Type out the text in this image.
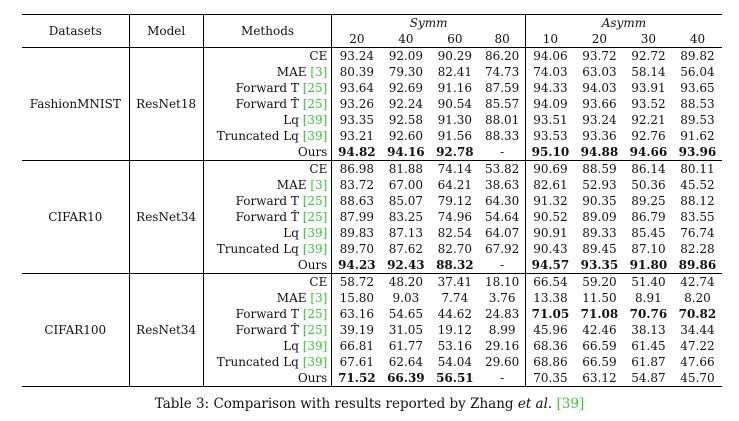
Datasets	Model	Methods	Symm				Asymm			
			20	40	60	80	10	20	30	40
FashionMNIST	ResNet18	CE	93.24	92.09	90.29	86.20	94.06	93.72	92.72	89.82
		MAE [3]	80.39	79.30	82.41	74.73	74.03	63.03	58.14	56.04
		Forward T [25]	93.64	92.69	91.16	87.59	94.33	94.03	93.91	93.65
		Forward T̂ [25]	93.26	92.24	90.54	85.57	94.09	93.66	93.52	88.53
		Lq [39]	93.35	92.58	91.30	88.01	93.51	93.24	92.21	89.53
		Truncated Lq [39]	93.21	92.60	91.56	88.33	93.53	93.36	92.76	91.62
		Ours	94.82	94.16	92.78	-	95.10	94.88	94.66	93.96
CIFAR10	ResNet34	CE	86.98	81.88	74.14	53.82	90.69	88.59	86.14	80.11
		MAE [3]	83.72	67.00	64.21	38.63	82.61	52.93	50.36	45.52
		Forward T [25]	88.63	85.07	79.12	64.30	91.32	90.35	89.25	88.12
		Forward T̂ [25]	87.99	83.25	74.96	54.64	90.52	89.09	86.79	83.55
		Lq [39]	89.83	87.13	82.54	64.07	90.91	89.33	85.45	76.74
		Truncated Lq [39]	89.70	87.62	82.70	67.92	90.43	89.45	87.10	82.28
		Ours	94.23	92.43	88.32	-	94.57	93.35	91.80	89.86
CIFAR100	ResNet34	CE	58.72	48.20	37.41	18.10	66.54	59.20	51.40	42.74
		MAE [3]	15.80	9.03	7.74	3.76	13.38	11.50	8.91	8.20
		Forward T [25]	63.16	54.65	44.62	24.83	71.05	71.08	70.76	70.82
		Forward T̂ [25]	39.19	31.05	19.12	8.99	45.96	42.46	38.13	34.44
		Lq [39]	66.81	61.77	53.16	29.16	68.36	66.59	61.45	47.22
		Truncated Lq [39]	67.61	62.64	54.04	29.60	68.86	66.59	61.87	47.66
		Ours	71.52	66.39	56.51	-	70.35	63.12	54.87	45.70
Table 3: Comparison with results reported by Zhang et al. [39]
